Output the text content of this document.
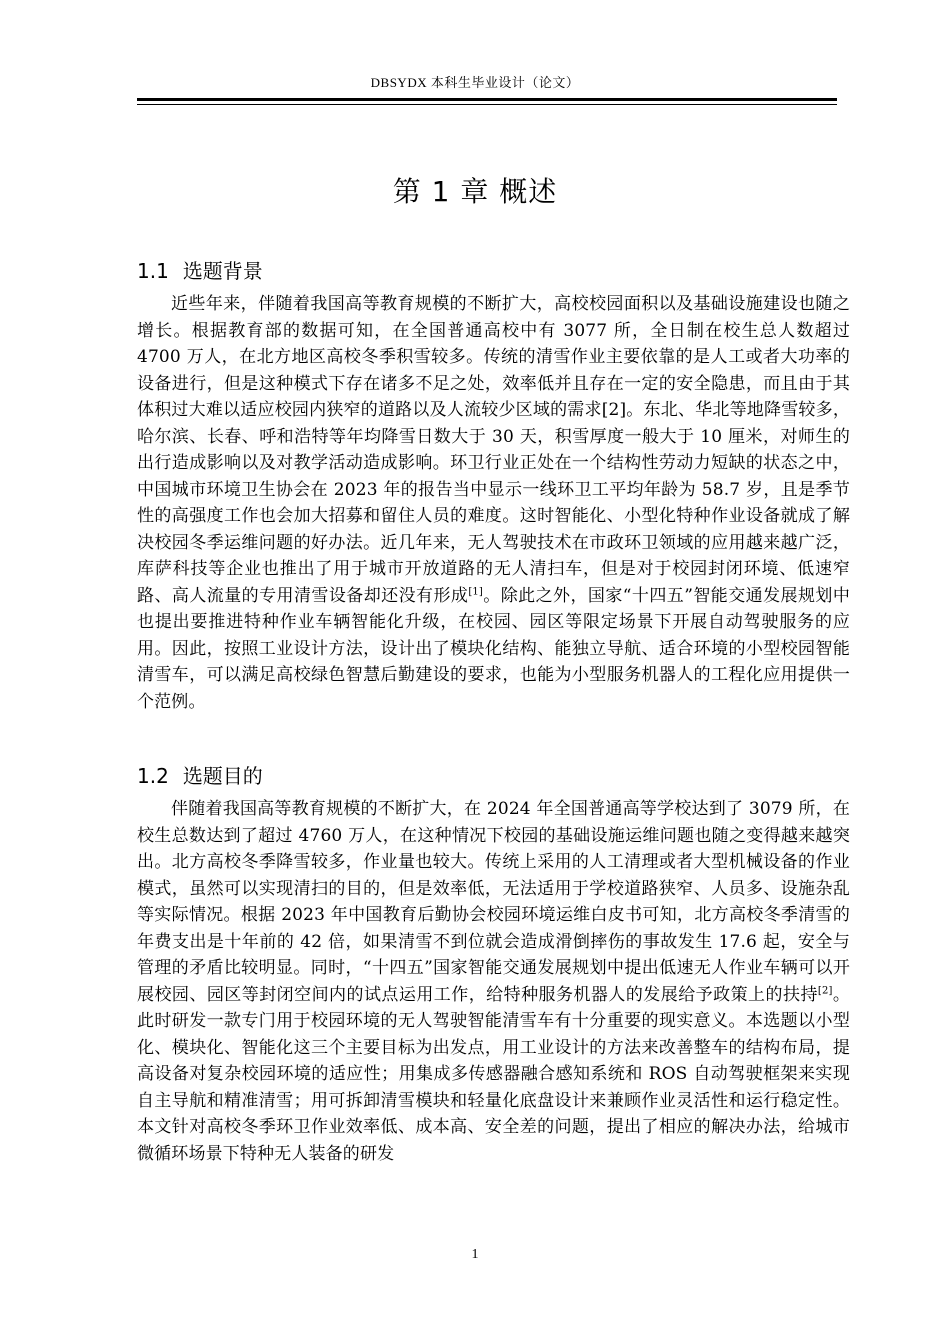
DBSYDX 本科生毕业设计（论文）
第 1 章 概述
1.1 选题背景

近些年来，伴随着我国高等教育规模的不断扩大，高校校园面积以及基础设施建设也随之增长。根据教育部的数据可知，在全国普通高校中有 3077 所，全日制在校生总人数超过 4700 万人，在北方地区高校冬季积雪较多。传统的清雪作业主要依靠的是人工或者大功率的设备进行，但是这种模式下存在诸多不足之处，效率低并且存在一定的安全隐患，而且由于其体积过大难以适应校园内狭窄的道路以及人流较少区域的需求[2]。东北、华北等地降雪较多，哈尔滨、长春、呼和浩特等年均降雪日数大于 30 天，积雪厚度一般大于 10 厘米，对师生的出行造成影响以及对教学活动造成影响。环卫行业正处在一个结构性劳动力短缺的状态之中，中国城市环境卫生协会在 2023 年的报告当中显示一线环卫工平均年龄为 58.7 岁，且是季节性的高强度工作也会加大招募和留住人员的难度。这时智能化、小型化特种作业设备就成了解决校园冬季运维问题的好办法。近几年来，无人驾驶技术在市政环卫领域的应用越来越广泛，库萨科技等企业也推出了用于城市开放道路的无人清扫车，但是对于校园封闭环境、低速窄路、高人流量的专用清雪设备却还没有形成[1]。除此之外，国家“十四五”智能交通发展规划中也提出要推进特种作业车辆智能化升级，在校园、园区等限定场景下开展自动驾驶服务的应用。因此，按照工业设计方法，设计出了模块化结构、能独立导航、适合环境的小型校园智能清雪车，可以满足高校绿色智慧后勤建设的要求，也能为小型服务机器人的工程化应用提供一个范例。

1.2 选题目的

伴随着我国高等教育规模的不断扩大，在 2024 年全国普通高等学校达到了 3079 所，在校生总数达到了超过 4760 万人，在这种情况下校园的基础设施运维问题也随之变得越来越突出。北方高校冬季降雪较多，作业量也较大。传统上采用的人工清理或者大型机械设备的作业模式，虽然可以实现清扫的目的，但是效率低，无法适用于学校道路狭窄、人员多、设施杂乱等实际情况。根据 2023 年中国教育后勤协会校园环境运维白皮书可知，北方高校冬季清雪的年费支出是十年前的 42 倍，如果清雪不到位就会造成滑倒摔伤的事故发生 17.6 起，安全与管理的矛盾比较明显。同时，“十四五”国家智能交通发展规划中提出低速无人作业车辆可以开展校园、园区等封闭空间内的试点运用工作，给特种服务机器人的发展给予政策上的扶持[2]。此时研发一款专门用于校园环境的无人驾驶智能清雪车有十分重要的现实意义。本选题以小型化、模块化、智能化这三个主要目标为出发点，用工业设计的方法来改善整车的结构布局，提高设备对复杂校园环境的适应性；用集成多传感器融合感知系统和 ROS 自动驾驶框架来实现自主导航和精准清雪；用可拆卸清雪模块和轻量化底盘设计来兼顾作业灵活性和运行稳定性。本文针对高校冬季环卫作业效率低、成本高、安全差的问题，提出了相应的解决办法，给城市微循环场景下特种无人装备的研发

1
